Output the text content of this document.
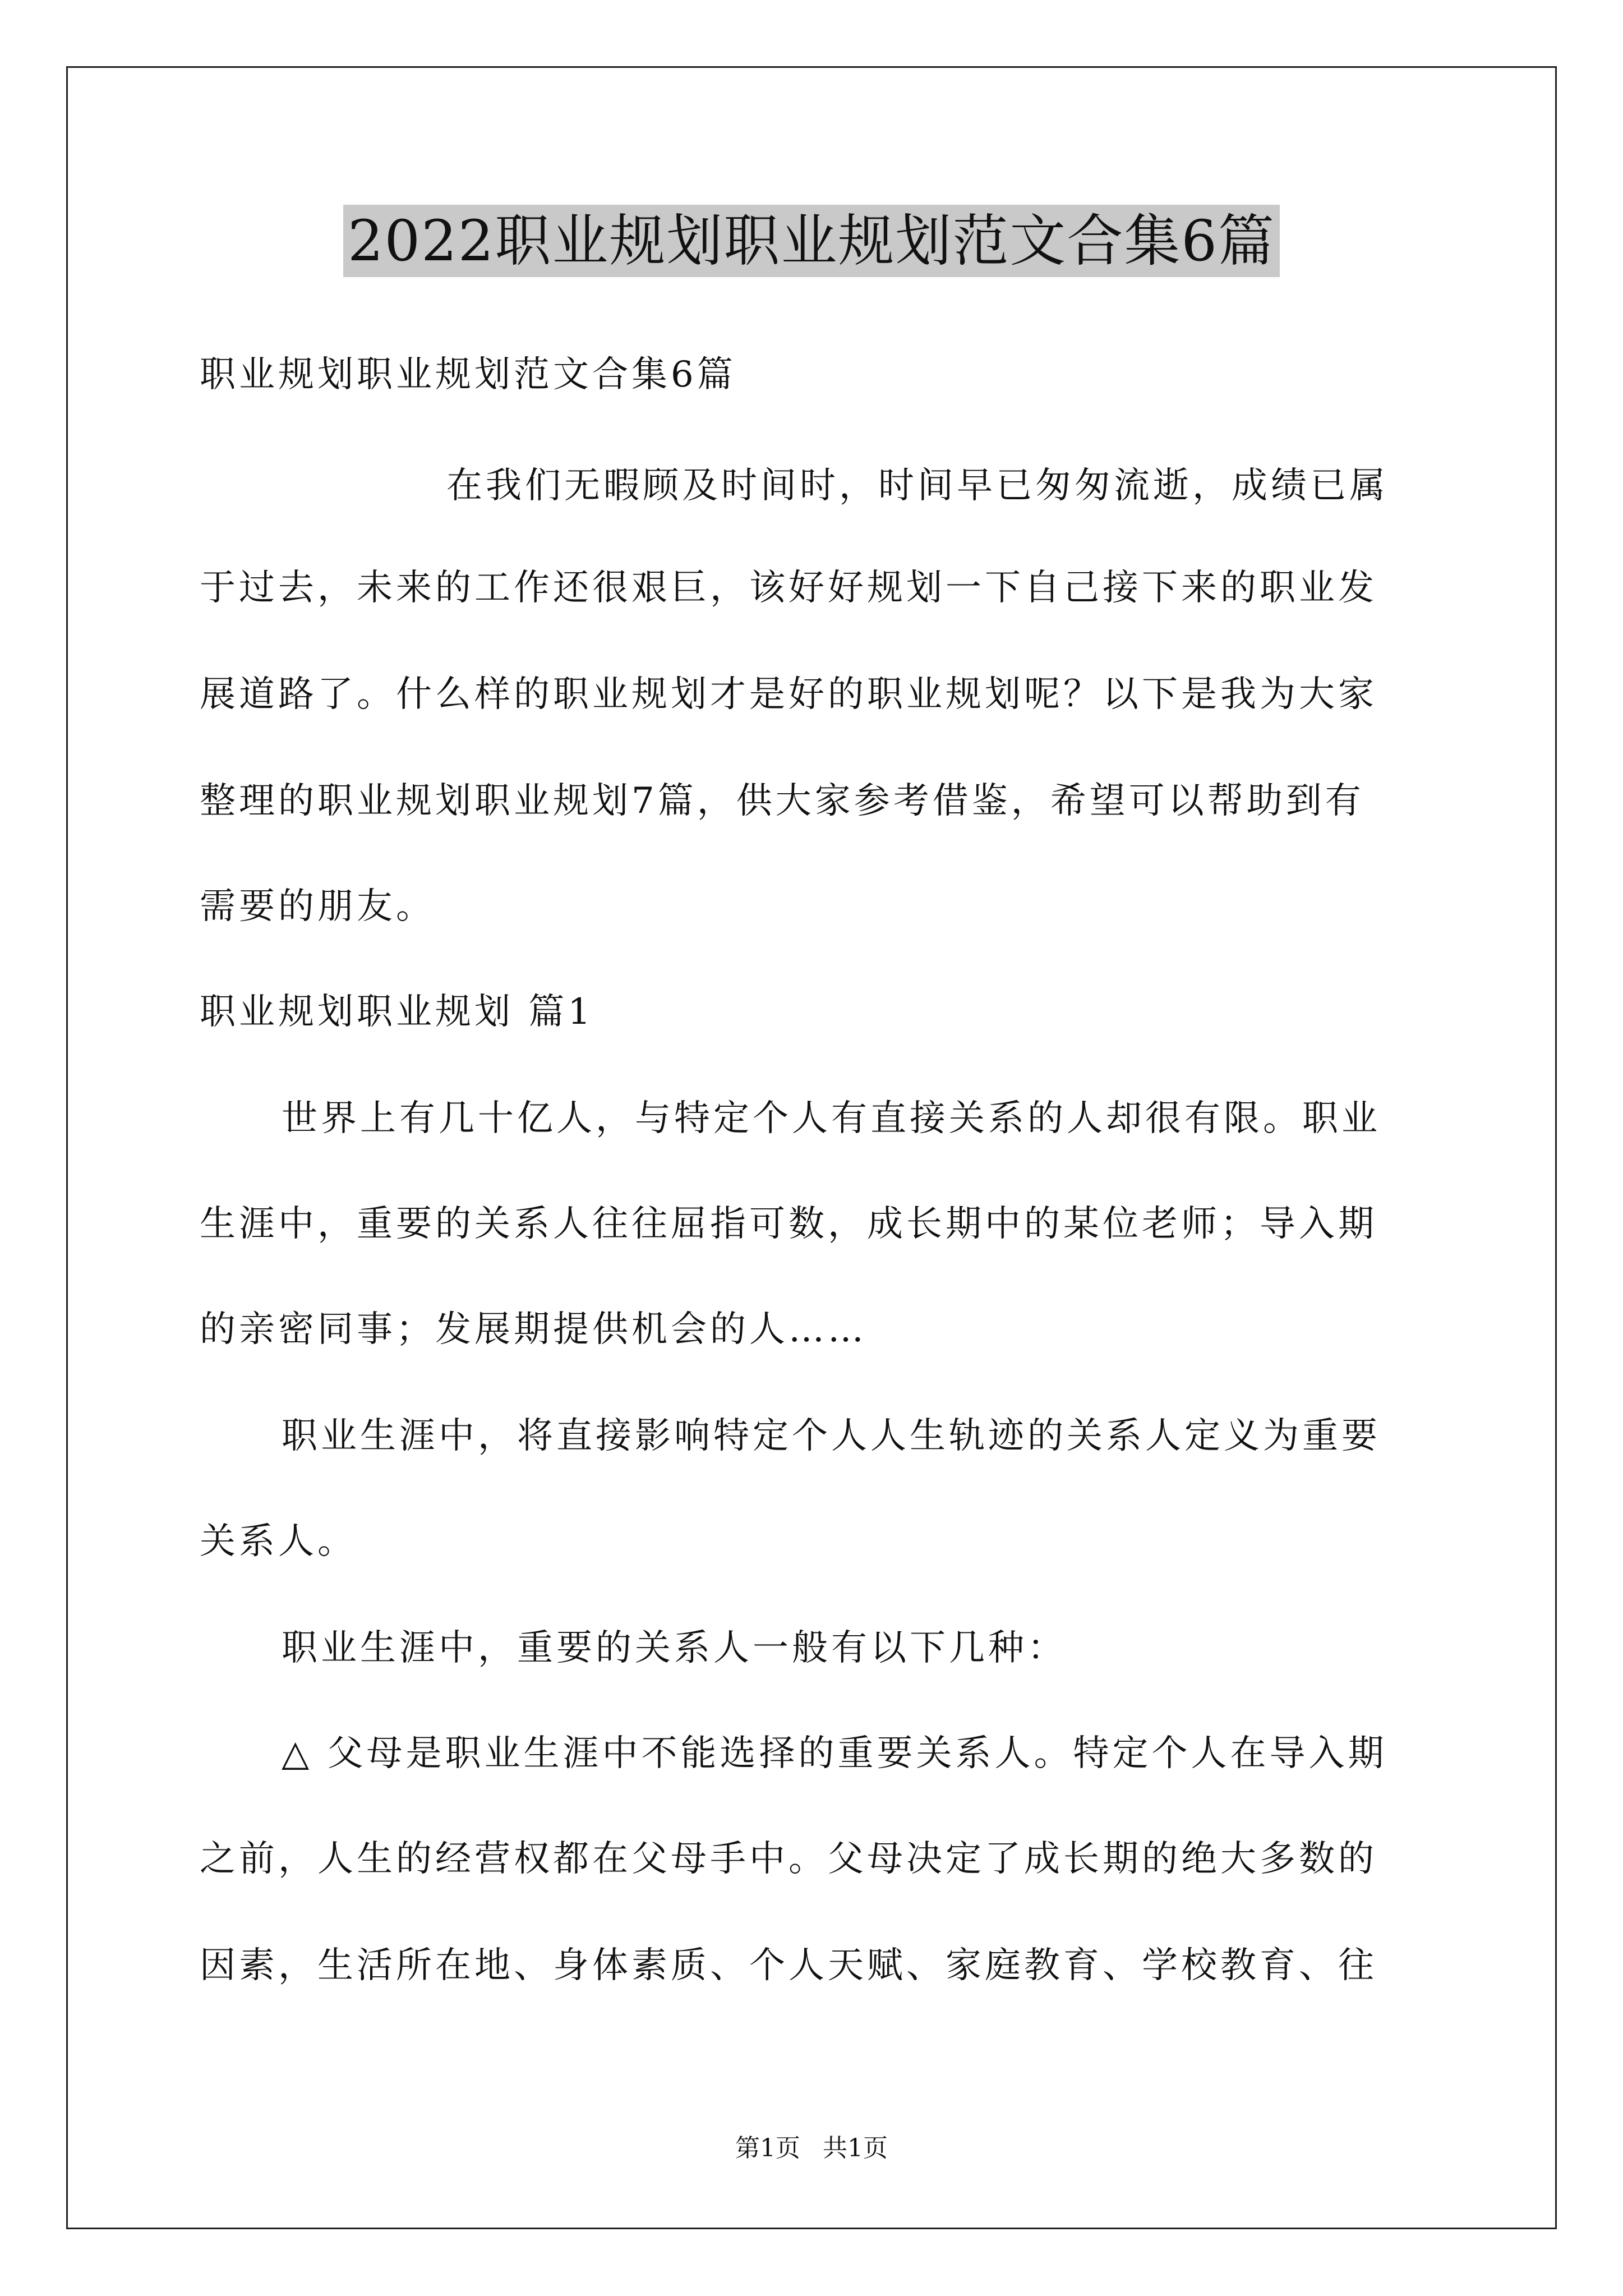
2022职业规划职业规划范文合集6篇
职业规划职业规划范文合集6篇
在我们无暇顾及时间时，时间早已匆匆流逝，成绩已属
于过去，未来的工作还很艰巨，该好好规划一下自己接下来的职业发
展道路了。什么样的职业规划才是好的职业规划呢？以下是我为大家
整理的职业规划职业规划7篇，供大家参考借鉴，希望可以帮助到有
需要的朋友。
职业规划职业规划 篇1
世界上有几十亿人，与特定个人有直接关系的人却很有限。职业
生涯中，重要的关系人往往屈指可数，成长期中的某位老师；导入期
的亲密同事；发展期提供机会的人……
职业生涯中，将直接影响特定个人人生轨迹的关系人定义为重要
关系人。
职业生涯中，重要的关系人一般有以下几种：
△ 父母是职业生涯中不能选择的重要关系人。特定个人在导入期
之前，人生的经营权都在父母手中。父母决定了成长期的绝大多数的
因素，生活所在地、身体素质、个人天赋、家庭教育、学校教育、往
第1页 共1页
